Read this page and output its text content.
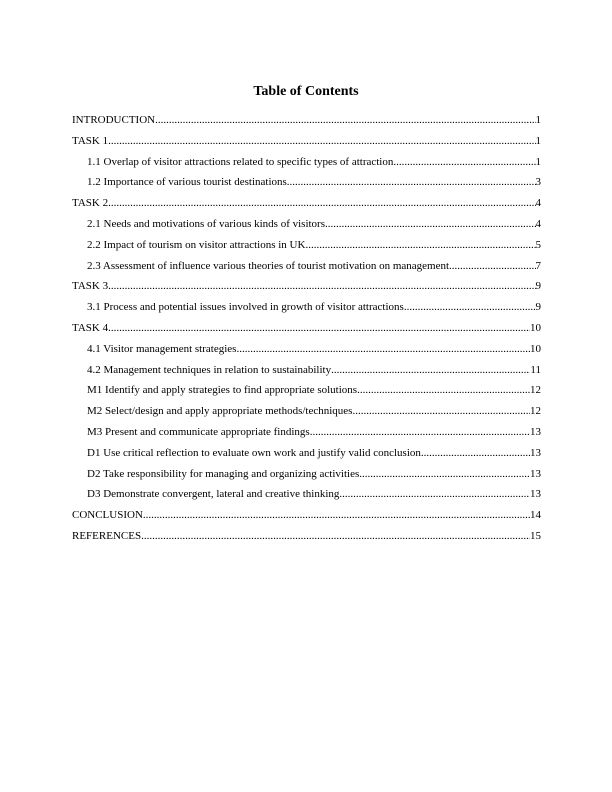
Table of Contents
INTRODUCTION .....	1
TASK 1 .....	1
1.1 Overlap of visitor attractions related to specific types of attraction .....	1
1.2 Importance of various tourist destinations .....	3
TASK 2 .....	4
2.1 Needs and motivations of various kinds of visitors .....	4
2.2 Impact of tourism on visitor attractions in UK .....	5
2.3 Assessment of influence various theories of tourist motivation on management .....	7
TASK 3 .....	9
3.1 Process and potential issues involved in growth of visitor attractions .....	9
TASK 4 .....	10
4.1 Visitor management strategies .....	10
4.2 Management techniques in relation to sustainability .....	11
M1 Identify and apply strategies to find appropriate solutions .....	12
M2 Select/design and apply appropriate methods/techniques .....	12
M3 Present and communicate appropriate findings .....	13
D1 Use critical reflection to evaluate own work and justify valid conclusion .....	13
D2 Take responsibility for managing and organizing activities .....	13
D3 Demonstrate convergent, lateral and creative thinking .....	13
CONCLUSION .....	14
REFERENCES .....	15
